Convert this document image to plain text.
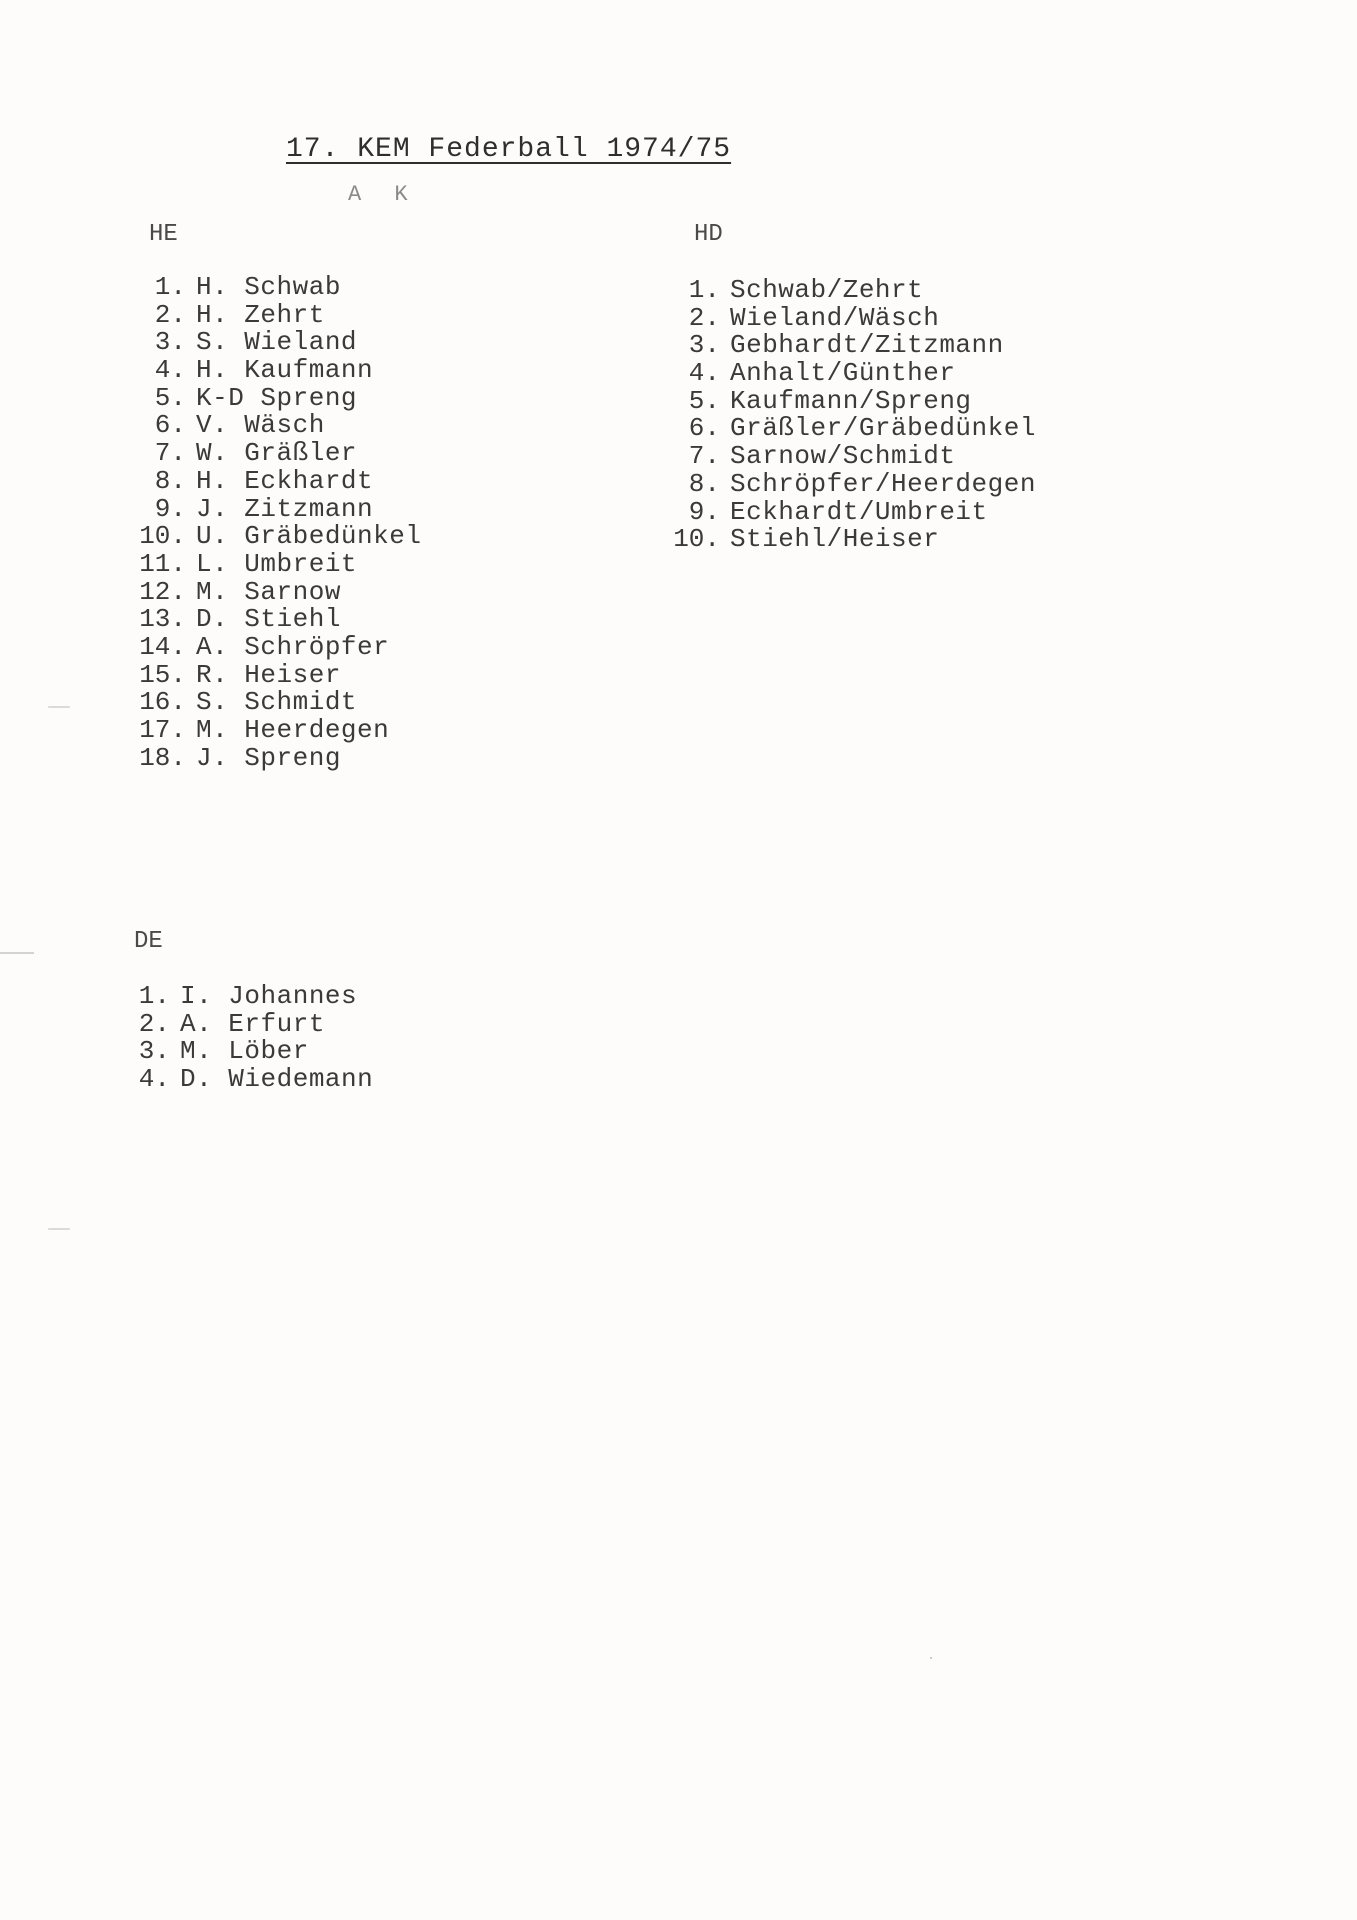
17. KEM Federball 1974/75
A K
HE
1. H. Schwab
2. H. Zehrt
3. S. Wieland
4. H. Kaufmann
5. K-D Spreng
6. V. Wäsch
7. W. Gräßler
8. H. Eckhardt
9. J. Zitzmann
10. U. Gräbedünkel
11. L. Umbreit
12. M. Sarnow
13. D. Stiehl
14. A. Schröpfer
15. R. Heiser
16. S. Schmidt
17. M. Heerdegen
18. J. Spreng
HD
1. Schwab/Zehrt
2. Wieland/Wäsch
3. Gebhardt/Zitzmann
4. Anhalt/Günther
5. Kaufmann/Spreng
6. Gräßler/Gräbedünkel
7. Sarnow/Schmidt
8. Schröpfer/Heerdegen
9. Eckhardt/Umbreit
10. Stiehl/Heiser
DE
1. I. Johannes
2. A. Erfurt
3. M. Löber
4. D. Wiedemann
